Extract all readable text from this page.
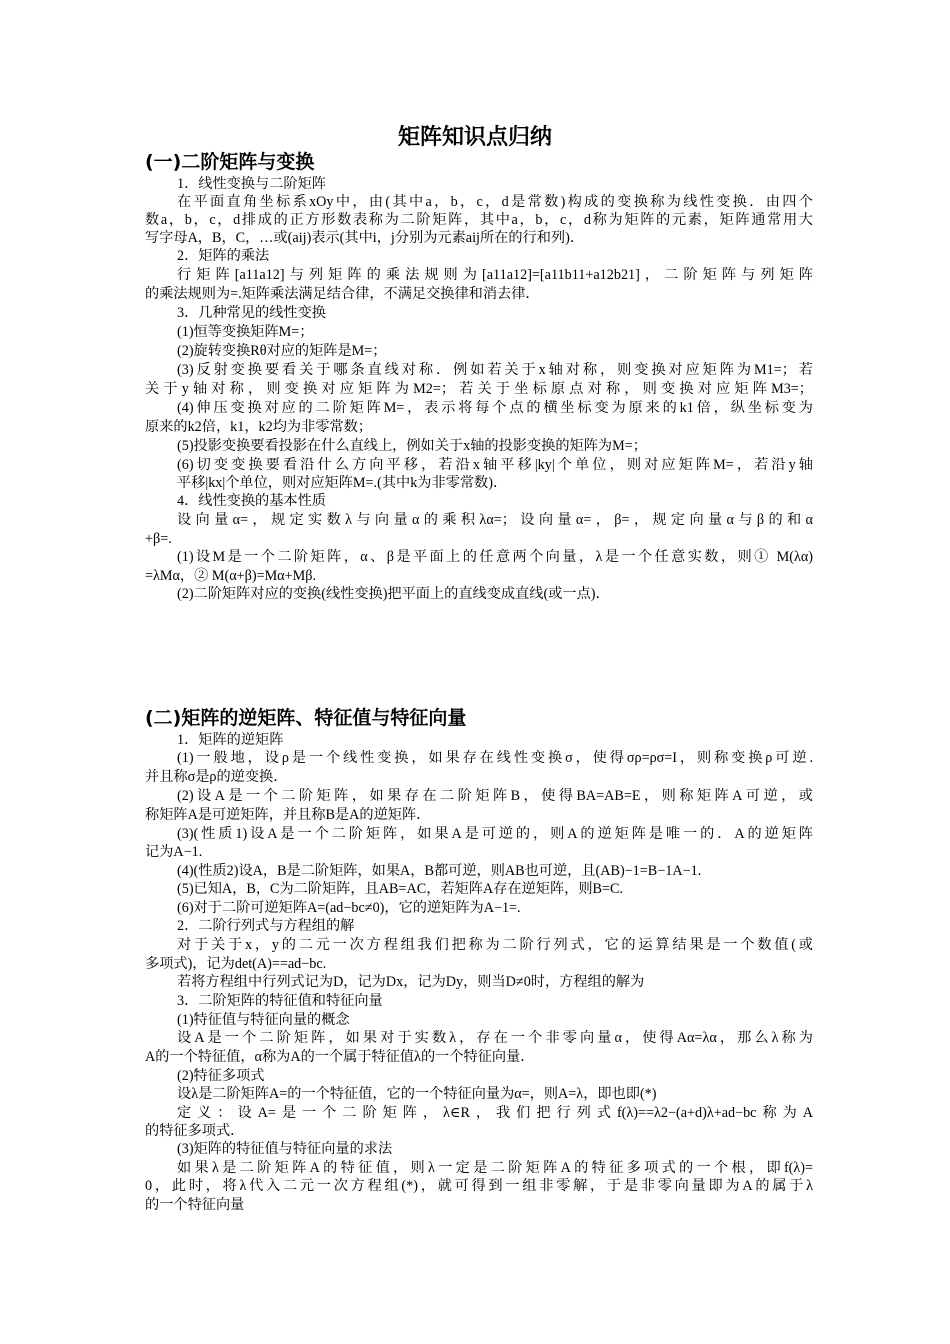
矩阵知识点归纳
(一)二阶矩阵与变换
1．线性变换与二阶矩阵
在平面直角坐标系xOy中，由(其中a，b，c，d是常数)构成的变换称为线性变换．由四个
数a，b，c，d排成的正方形数表称为二阶矩阵，其中a，b，c，d称为矩阵的元素，矩阵通常用大
写字母A，B，C，…或(aij)表示(其中i，j分别为元素aij所在的行和列)．
2．矩阵的乘法
行矩阵[a11a12]与列矩阵的乘法规则为[a11a12]=[a11b11+a12b21]，二阶矩阵与列矩阵
的乘法规则为=.矩阵乘法满足结合律，不满足交换律和消去律．
3．几种常见的线性变换
(1)恒等变换矩阵M=；
(2)旋转变换Rθ对应的矩阵是M=；
(3)反射变换要看关于哪条直线对称．例如若关于x轴对称，则变换对应矩阵为M1=；若
关于y轴对称，则变换对应矩阵为M2=；若关于坐标原点对称，则变换对应矩阵M3=；
(4)伸压变换对应的二阶矩阵M=，表示将每个点的横坐标变为原来的k1倍，纵坐标变为
原来的k2倍，k1，k2均为非零常数；
(5)投影变换要看投影在什么直线上，例如关于x轴的投影变换的矩阵为M=；
(6)切变变换要看沿什么方向平移，若沿x轴平移|ky|个单位，则对应矩阵M=，若沿y轴
平移|kx|个单位，则对应矩阵M=.(其中k为非零常数)．
4．线性变换的基本性质
设向量α=，规定实数λ与向量α的乘积λα=；设向量α=，β=，规定向量α与β的和α
+β=.
(1)设M是一个二阶矩阵，α、β是平面上的任意两个向量，λ是一个任意实数，则① M(λα)
=λMα，② M(α+β)=Mα+Mβ.
(2)二阶矩阵对应的变换(线性变换)把平面上的直线变成直线(或一点)．
(二)矩阵的逆矩阵、特征值与特征向量
1．矩阵的逆矩阵
(1)一般地，设ρ是一个线性变换，如果存在线性变换σ，使得σρ=ρσ=I，则称变换ρ可逆.
并且称σ是ρ的逆变换．
(2)设A是一个二阶矩阵，如果存在二阶矩阵B，使得BA=AB=E，则称矩阵A可逆，或
称矩阵A是可逆矩阵，并且称B是A的逆矩阵．
(3)(性质1)设A是一个二阶矩阵，如果A是可逆的，则A的逆矩阵是唯一的．A的逆矩阵
记为A−1.
(4)(性质2)设A，B是二阶矩阵，如果A，B都可逆，则AB也可逆，且(AB)−1=B−1A−1.
(5)已知A，B，C为二阶矩阵，且AB=AC，若矩阵A存在逆矩阵，则B=C.
(6)对于二阶可逆矩阵A=(ad−bc≠0)，它的逆矩阵为A−1=.
2．二阶行列式与方程组的解
对于关于x，y的二元一次方程组我们把称为二阶行列式，它的运算结果是一个数值(或
多项式)，记为det(A)==ad−bc.
若将方程组中行列式记为D，记为Dx，记为Dy，则当D≠0时，方程组的解为
3．二阶矩阵的特征值和特征向量
(1)特征值与特征向量的概念
设A是一个二阶矩阵，如果对于实数λ，存在一个非零向量α，使得Aα=λα，那么λ称为
A的一个特征值，α称为A的一个属于特征值λ的一个特征向量．
(2)特征多项式
设λ是二阶矩阵A=的一个特征值，它的一个特征向量为α=，则A=λ，即也即(*)
定义：设A=是一个二阶矩阵，λ∈R，我们把行列式f(λ)==λ2−(a+d)λ+ad−bc称为A
的特征多项式．
(3)矩阵的特征值与特征向量的求法
如果λ是二阶矩阵A的特征值，则λ一定是二阶矩阵A的特征多项式的一个根，即f(λ)=
0，此时，将λ代入二元一次方程组(*)，就可得到一组非零解，于是非零向量即为A的属于λ
的一个特征向量
